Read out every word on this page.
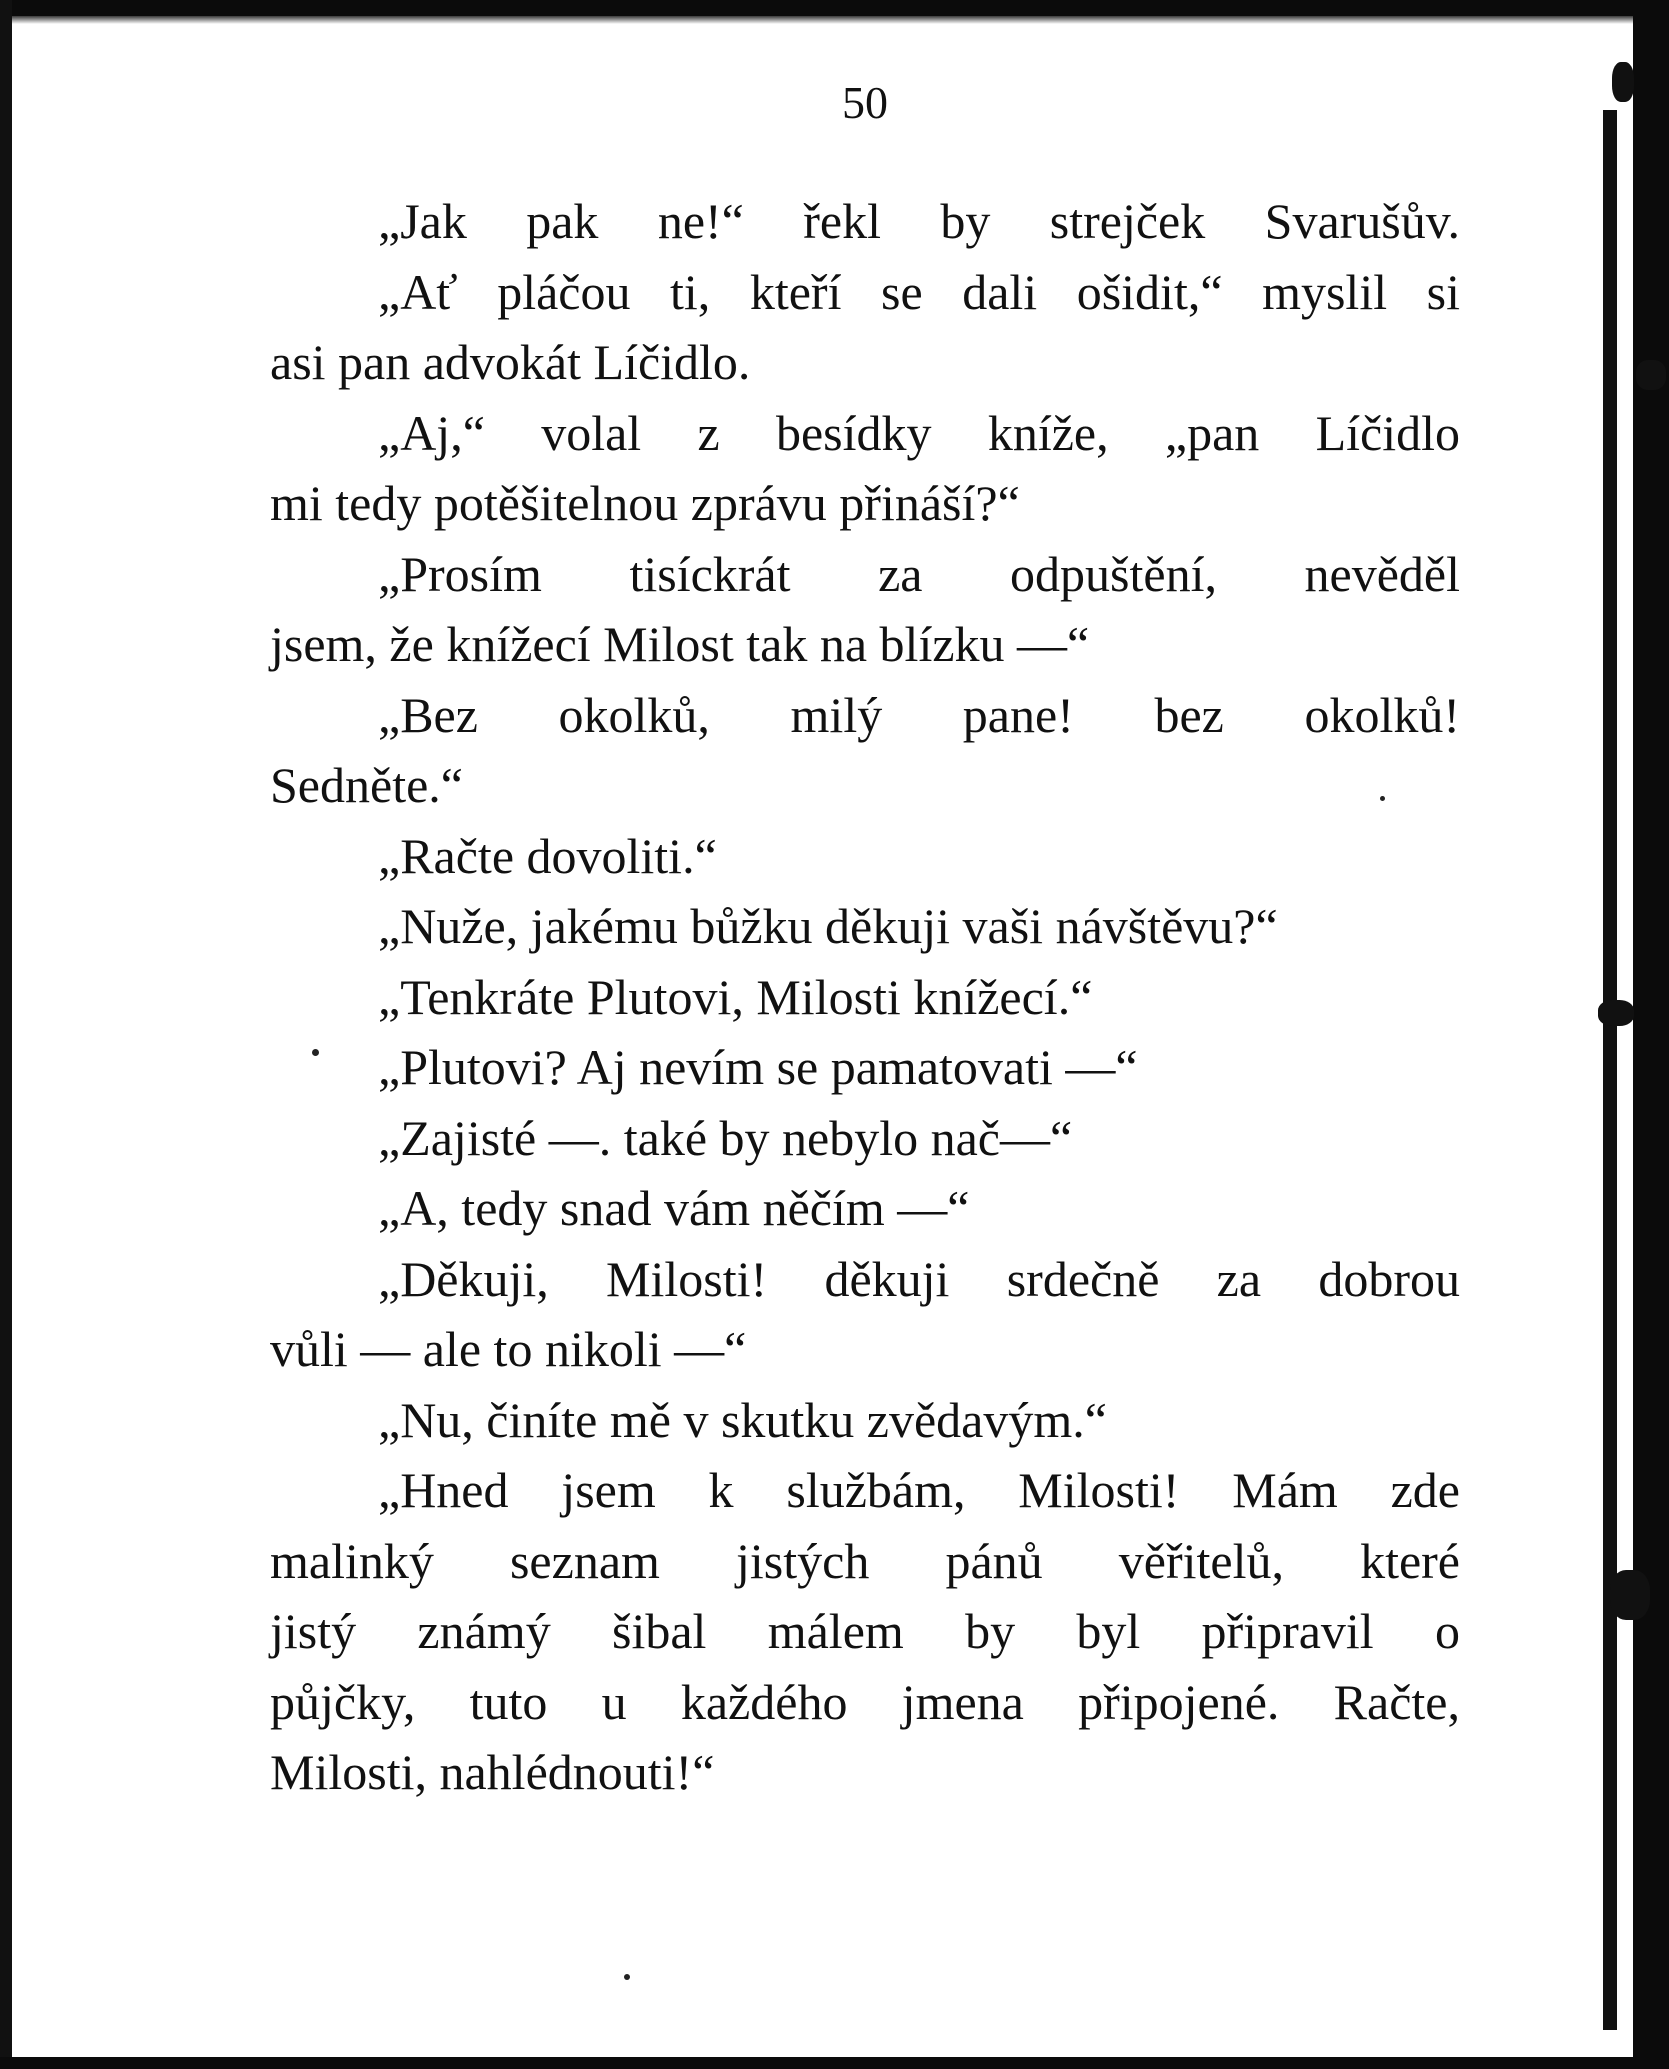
50
„Jak pak ne!“ řekl by strejček Svarušův.
„Ať pláčou ti, kteří se dali ošidit,“ myslil si
asi pan advokát Líčidlo.
„Aj,“ volal z besídky kníže, „pan Líčidlo
mi tedy potěšitelnou zprávu přináší?“
„Prosím tisíckrát za odpuštění, nevěděl
jsem, že knížecí Milost tak na blízku —“
„Bez okolků, milý pane! bez okolků!
Sedněte.“
„Račte dovoliti.“
„Nuže, jakému bůžku děkuji vaši návštěvu?“
„Tenkráte Plutovi, Milosti knížecí.“
„Plutovi? Aj nevím se pamatovati —“
„Zajisté —. také by nebylo nač—“
„A, tedy snad vám něčím —“
„Děkuji, Milosti! děkuji srdečně za dobrou
vůli — ale to nikoli —“
„Nu, činíte mě v skutku zvědavým.“
„Hned jsem k službám, Milosti! Mám zde
malinký seznam jistých pánů věřitelů, které
jistý známý šibal málem by byl připravil o
půjčky, tuto u každého jmena připojené. Račte,
Milosti, nahlédnouti!“
